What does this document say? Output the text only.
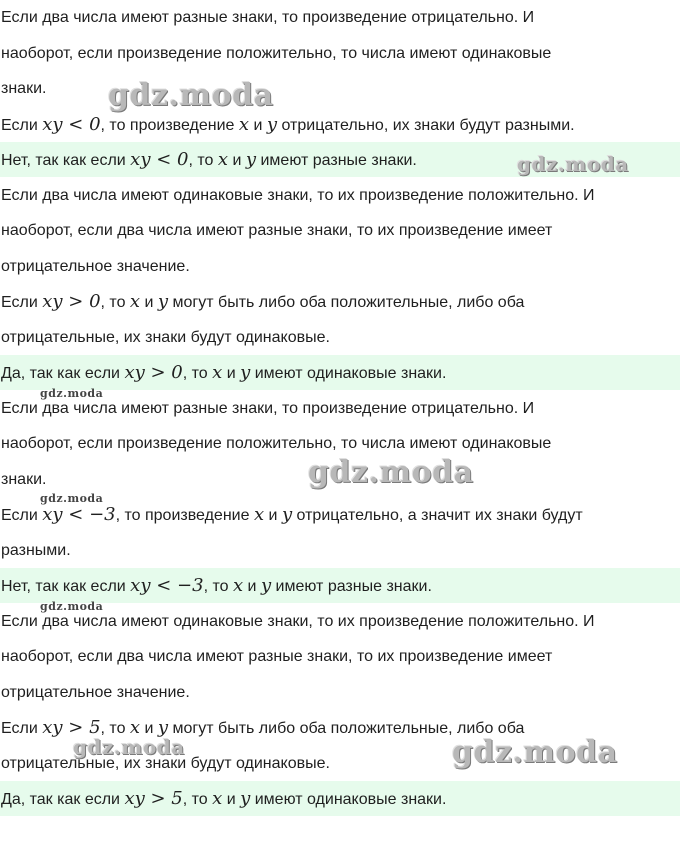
Если два числа имеют разные знаки, то произведение отрицательно. И
наоборот, если произведение положительно, то числа имеют одинаковые
знаки.
Если xy < 0, то произведение x и y отрицательно, их знаки будут разными.
Нет, так как если xy < 0, то x и y имеют разные знаки.
Если два числа имеют одинаковые знаки, то их произведение положительно. И
наоборот, если два числа имеют разные знаки, то их произведение имеет
отрицательное значение.
Если xy > 0, то x и y могут быть либо оба положительные, либо оба
отрицательные, их знаки будут одинаковые.
Да, так как если xy > 0, то x и y имеют одинаковые знаки.
Если два числа имеют разные знаки, то произведение отрицательно. И
наоборот, если произведение положительно, то числа имеют одинаковые
знаки.
Если xy < −3, то произведение x и y отрицательно, а значит их знаки будут
разными.
Нет, так как если xy < −3, то x и y имеют разные знаки.
Если два числа имеют одинаковые знаки, то их произведение положительно. И
наоборот, если два числа имеют разные знаки, то их произведение имеет
отрицательное значение.
Если xy > 5, то x и y могут быть либо оба положительные, либо оба
отрицательные, их знаки будут одинаковые.
Да, так как если xy > 5, то x и y имеют одинаковые знаки.
gdz.moda
gdz.moda
gdz.moda
gdz.moda
gdz.moda
gdz.moda
gdz.moda	gdz.moda
